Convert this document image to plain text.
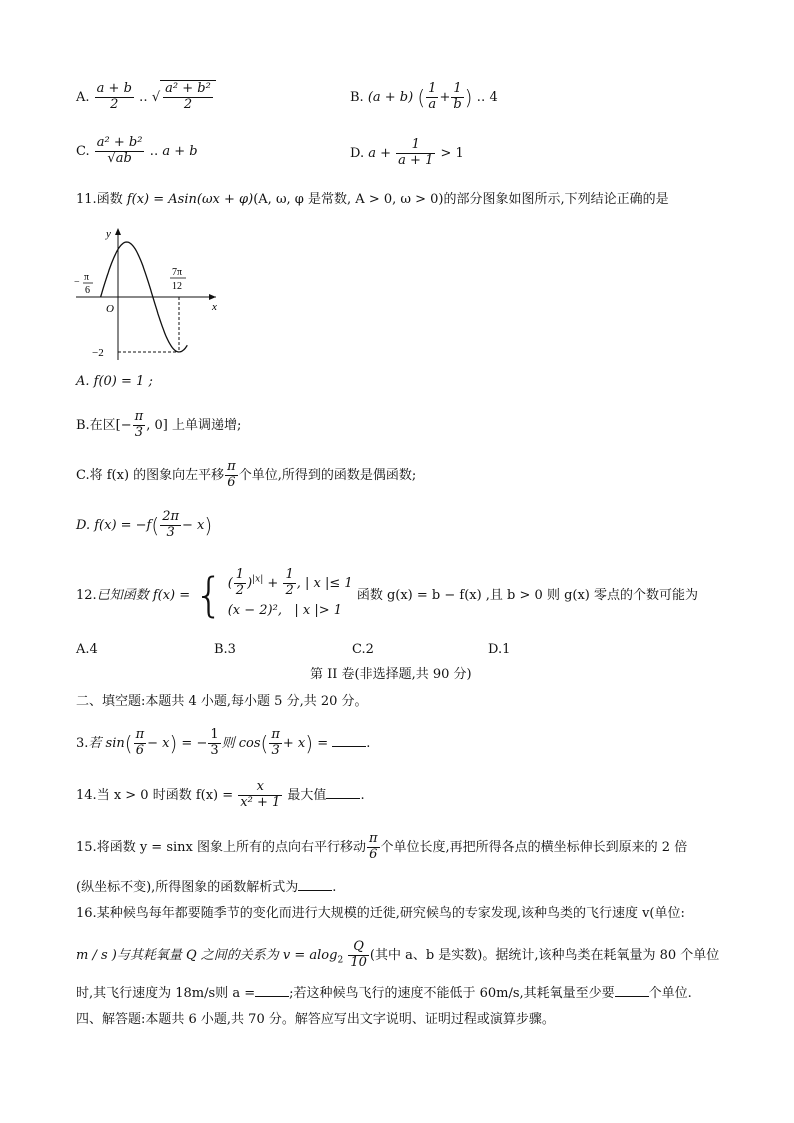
A. $\frac{a + b}{2}$ ‥ √ $\frac{\text{a² + b²}}{2}$	B. (a + b) ( $\frac{1}{a} + \frac{1}{b}$ ) ‥ 4
C. $\frac{\text{a² + b²}}{√ab}$ ‥ a + b	D. $a + \frac{1}{a + 1} > 1$
11.函数 f(x) = Asin(ωx + φ)(A, ω, φ 是常数, A > 0, ω > 0)的部分图象如图所示,下列结论正确的是
y
x
O
− π
6
7π
12
−2
A. f(0) = 1 ;
B.在区[− $\frac{\pi}{3}$ , 0] 上单调递增;
C.将 f(x) 的图象向左平移 $\frac{\pi}{6}$ 个单位,所得到的函数是偶函数;
D. $f(x) = -f( \frac{2\pi}{3} - x)$
12.已知函数 f(x) = { ( $\frac{1}{2} )^{|x|} + \frac{1}{2}$ , | x |≤ 1
(x − 2)², | x |> 1
函数 g(x) = b − f(x) ,且 b > 0 则 g(x) 零点的个数可能为
A.4	B.3	C.2	D.1
第 II 卷(非选择题,共 90 分)
二、填空题:本题共 4 小题,每小题 5 分,共 20 分。
3.若 $\sin( \frac{\pi}{6} - x)$ = − $\frac{1}{3}$ 则 $\cos( \frac{\pi}{3} + x)$ =	.
14.当 x > 0 时函数 $f(x) = \frac{x}{\text{x² + 1}}$ 最大值	.
15.将函数 y = sinx 图象上所有的点向右平行移动 $\frac{\pi}{6}$ 个单位长度,再把所得各点的横坐标伸长到原来的 2 倍
(纵坐标不变),所得图象的函数解析式为	.
16.某种候鸟每年都要随季节的变化而进行大规模的迁徙,研究候鸟的专家发现,该种鸟类的飞行速度 v(单位:
m / s )与其耗氧量 Q 之间的关系为 $v = alog_2 \frac{Q}{10}$ (其中 a、b 是实数)。据统计,该种鸟类在耗氧量为 80 个单位
时,其飞行速度为 18m/s则 a =	;若这种候鸟飞行的速度不能低于 60m/s,其耗氧量至少要	个单位.
四、解答题:本题共 6 小题,共 70 分。解答应写出文字说明、证明过程或演算步骤。
